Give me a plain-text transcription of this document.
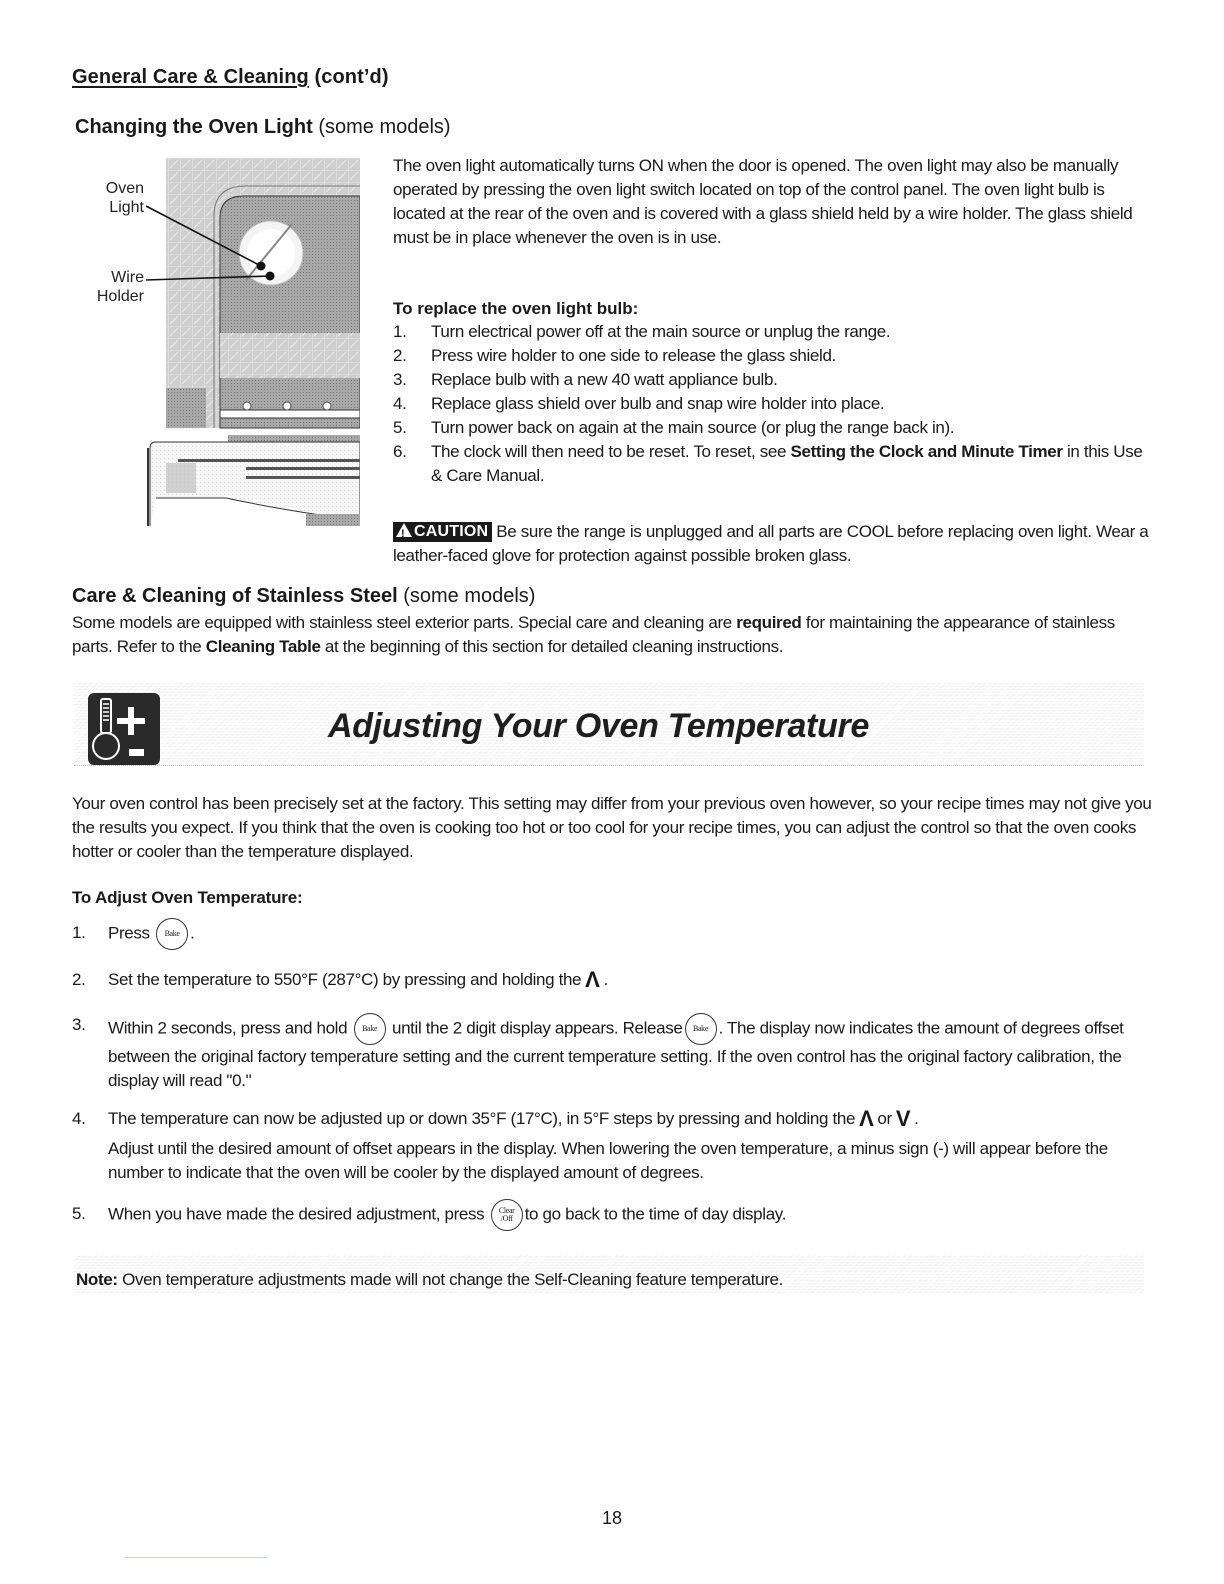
General Care & Cleaning (cont’d)
Changing the Oven Light (some models)
Oven
Light
Wire
Holder
The oven light automatically turns ON when the door is opened. The oven light may also be manually operated by pressing the oven light switch located on top of the control panel. The oven light bulb is located at the rear of the oven and is covered with a glass shield held by a wire holder. The glass shield must be in place whenever the oven is in use.
To replace the oven light bulb:
1. Turn electrical power off at the main source or unplug the range.
2. Press wire holder to one side to release the glass shield.
3. Replace bulb with a new 40 watt appliance bulb.
4. Replace glass shield over bulb and snap wire holder into place.
5. Turn power back on again at the main source (or plug the range back in).
6. The clock will then need to be reset. To reset, see Setting the Clock and Minute Timer in this Use & Care Manual.
!CAUTION Be sure the range is unplugged and all parts are COOL before replacing oven light. Wear a leather-faced glove for protection against possible broken glass.
Care & Cleaning of Stainless Steel (some models)
Some models are equipped with stainless steel exterior parts. Special care and cleaning are required for maintaining the appearance of stainless parts. Refer to the Cleaning Table at the beginning of this section for detailed cleaning instructions.
Adjusting Your Oven Temperature
Your oven control has been precisely set at the factory. This setting may differ from your previous oven however, so your recipe times may not give you the results you expect. If you think that the oven is cooking too hot or too cool for your recipe times, you can adjust the control so that the oven cooks hotter or cooler than the temperature displayed.
To Adjust Oven Temperature:
1. Press Bake .
2. Set the temperature to 550°F (287°C) by pressing and holding the Λ .
3. Within 2 seconds, press and hold Bake until the 2 digit display appears. Release Bake . The display now indicates the amount of degrees offset between the original factory temperature setting and the current temperature setting. If the oven control has the original factory calibration, the display will read "0."
4. The temperature can now be adjusted up or down 35°F (17°C), in 5°F steps by pressing and holding the Λ or V .
Adjust until the desired amount of offset appears in the display. When lowering the oven temperature, a minus sign (-) will appear before the number to indicate that the oven will be cooler by the displayed amount of degrees.
5. When you have made the desired adjustment, press Clear
/Off to go back to the time of day display.
Note: Oven temperature adjustments made will not change the Self-Cleaning feature temperature.
18
